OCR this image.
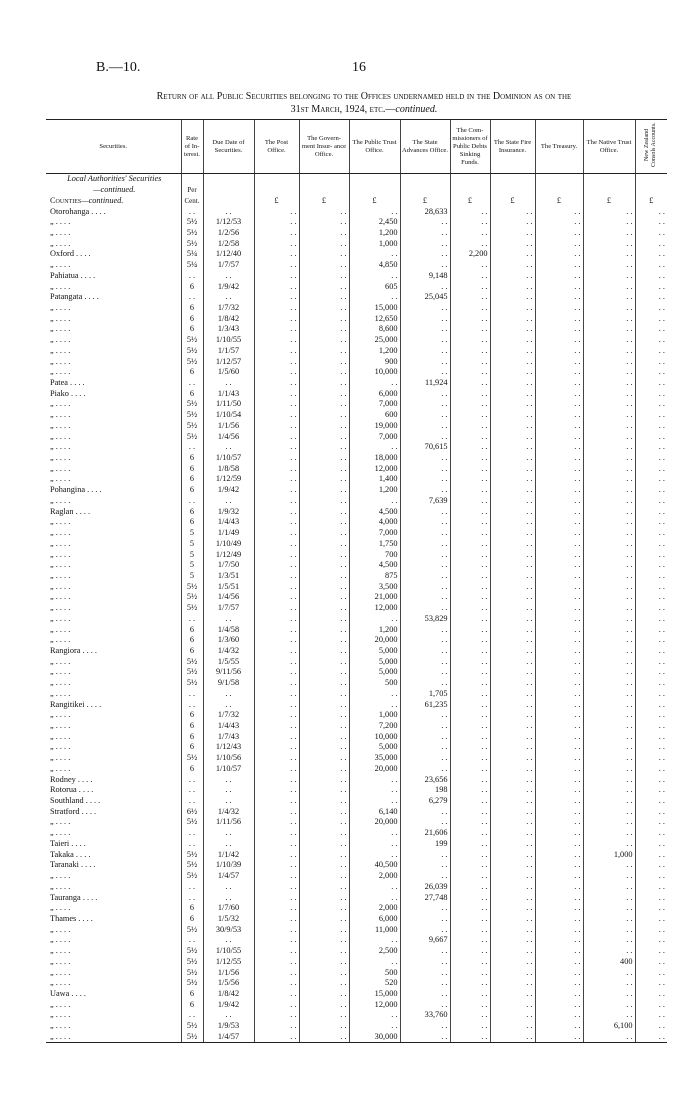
B.—10.	16
Return of all Public Securities belonging to the Offices undernamed held in the Dominion as on the
31st March, 1924, etc.—continued.
Securities.	Rate of In- terest.	Due Date of Securities.	The Post Office.	The Govern- ment Insur- ance Office.	The Public Trust Office.	The State Advances Office.	The Com- missioners of Public Debts Sinking Funds.	The State Fire Insurance.	The Treasury.	The Native Trust Office.	New Zealand Consols Accounts.
Local Authorities' Securities											
—continued.	Per										
Counties—continued.	Cent.		£	£	£	£	£	£	£	£	£
Otorohanga . . . .	. .	. .	. .	. .	. .	28,633	. .	. .	. .	. .	. .
„ . . . .	5½	1/12/53	. .	. .	2,450	. .	. .	. .	. .	. .	. .
„ . . . .	5½	1/2/56	. .	. .	1,200	. .	. .	. .	. .	. .	. .
„ . . . .	5½	1/2/58	. .	. .	1,000	. .	. .	. .	. .	. .	. .
Oxford . . . .	5¼	1/12/40	. .	. .	. .	. .	2,200	. .	. .	. .	. .
„ . . . .	5¼	1/7/57	. .	. .	4,850	. .	. .	. .	. .	. .	. .
Pahiatua . . . .	. .	. .	. .	. .	. .	9,148	. .	. .	. .	. .	. .
„ . . . .	6	1/9/42	. .	. .	605	. .	. .	. .	. .	. .	. .
Patangata . . . .	. .	. .	. .	. .	. .	25,045	. .	. .	. .	. .	. .
„ . . . .	6	1/7/32	. .	. .	15,000	. .	. .	. .	. .	. .	. .
„ . . . .	6	1/8/42	. .	. .	12,650	. .	. .	. .	. .	. .	. .
„ . . . .	6	1/3/43	. .	. .	8,600	. .	. .	. .	. .	. .	. .
„ . . . .	5½	1/10/55	. .	. .	25,000	. .	. .	. .	. .	. .	. .
„ . . . .	5½	1/1/57	. .	. .	1,200	. .	. .	. .	. .	. .	. .
„ . . . .	5½	1/12/57	. .	. .	900	. .	. .	. .	. .	. .	. .
„ . . . .	6	1/5/60	. .	. .	10,000	. .	. .	. .	. .	. .	. .
Patea . . . .	. .	. .	. .	. .	. .	11,924	. .	. .	. .	. .	. .
Piako . . . .	6	1/1/43	. .	. .	6,000	. .	. .	. .	. .	. .	. .
„ . . . .	5½	1/11/50	. .	. .	7,000	. .	. .	. .	. .	. .	. .
„ . . . .	5½	1/10/54	. .	. .	600	. .	. .	. .	. .	. .	. .
„ . . . .	5½	1/1/56	. .	. .	19,000	. .	. .	. .	. .	. .	. .
„ . . . .	5½	1/4/56	. .	. .	7,000	. .	. .	. .	. .	. .	. .
„ . . . .	. .	. .	. .	. .	. .	70,615	. .	. .	. .	. .	. .
„ . . . .	6	1/10/57	. .	. .	18,000	. .	. .	. .	. .	. .	. .
„ . . . .	6	1/8/58	. .	. .	12,000	. .	. .	. .	. .	. .	. .
„ . . . .	6	1/12/59	. .	. .	1,400	. .	. .	. .	. .	. .	. .
Pohangina . . . .	6	1/9/42	. .	. .	1,200	. .	. .	. .	. .	. .	. .
„ . . . .	. .	. .	. .	. .	. .	7,639	. .	. .	. .	. .	. .
Raglan . . . .	6	1/9/32	. .	. .	4,500	. .	. .	. .	. .	. .	. .
„ . . . .	6	1/4/43	. .	. .	4,000	. .	. .	. .	. .	. .	. .
„ . . . .	5	1/1/49	. .	. .	7,000	. .	. .	. .	. .	. .	. .
„ . . . .	5	1/10/49	. .	. .	1,750	. .	. .	. .	. .	. .	. .
„ . . . .	5	1/12/49	. .	. .	700	. .	. .	. .	. .	. .	. .
„ . . . .	5	1/7/50	. .	. .	4,500	. .	. .	. .	. .	. .	. .
„ . . . .	5	1/3/51	. .	. .	875	. .	. .	. .	. .	. .	. .
„ . . . .	5½	1/5/51	. .	. .	3,500	. .	. .	. .	. .	. .	. .
„ . . . .	5½	1/4/56	. .	. .	21,000	. .	. .	. .	. .	. .	. .
„ . . . .	5½	1/7/57	. .	. .	12,000	. .	. .	. .	. .	. .	. .
„ . . . .	. .	. .	. .	. .	. .	53,829	. .	. .	. .	. .	. .
„ . . . .	6	1/4/58	. .	. .	1,200	. .	. .	. .	. .	. .	. .
„ . . . .	6	1/3/60	. .	. .	20,000	. .	. .	. .	. .	. .	. .
Rangiora . . . .	6	1/4/32	. .	. .	5,000	. .	. .	. .	. .	. .	. .
„ . . . .	5½	1/5/55	. .	. .	5,000	. .	. .	. .	. .	. .	. .
„ . . . .	5½	9/11/56	. .	. .	5,000	. .	. .	. .	. .	. .	. .
„ . . . .	5½	9/1/58	. .	. .	500	. .	. .	. .	. .	. .	. .
„ . . . .	. .	. .	. .	. .	. .	1,705	. .	. .	. .	. .	. .
Rangitikei . . . .	. .	. .	. .	. .	. .	61,235	. .	. .	. .	. .	. .
„ . . . .	6	1/7/32	. .	. .	1,000	. .	. .	. .	. .	. .	. .
„ . . . .	6	1/4/43	. .	. .	7,200	. .	. .	. .	. .	. .	. .
„ . . . .	6	1/7/43	. .	. .	10,000	. .	. .	. .	. .	. .	. .
„ . . . .	6	1/12/43	. .	. .	5,000	. .	. .	. .	. .	. .	. .
„ . . . .	5½	1/10/56	. .	. .	35,000	. .	. .	. .	. .	. .	. .
„ . . . .	6	1/10/57	. .	. .	20,000	. .	. .	. .	. .	. .	. .
Rodney . . . .	. .	. .	. .	. .	. .	23,656	. .	. .	. .	. .	. .
Rotorua . . . .	. .	. .	. .	. .	. .	198	. .	. .	. .	. .	. .
Southland . . . .	. .	. .	. .	. .	. .	6,279	. .	. .	. .	. .	. .
Stratford . . . .	6½	1/4/32	. .	. .	6,140	. .	. .	. .	. .	. .	. .
„ . . . .	5½	1/11/56	. .	. .	20,000	. .	. .	. .	. .	. .	. .
„ . . . .	. .	. .	. .	. .	. .	21,606	. .	. .	. .	. .	. .
Taieri . . . .	. .	. .	. .	. .	. .	199	. .	. .	. .	. .	. .
Takaka . . . .	5½	1/1/42	. .	. .	. .	. .	. .	. .	. .	1,000	. .
Taranaki . . . .	5½	1/10/39	. .	. .	40,500	. .	. .	. .	. .	. .	. .
„ . . . .	5½	1/4/57	. .	. .	2,000	. .	. .	. .	. .	. .	. .
„ . . . .	. .	. .	. .	. .	. .	26,039	. .	. .	. .	. .	. .
Tauranga . . . .	. .	. .	. .	. .	. .	27,748	. .	. .	. .	. .	. .
„ . . . .	6	1/7/60	. .	. .	2,000	. .	. .	. .	. .	. .	. .
Thames . . . .	6	1/5/32	. .	. .	6,000	. .	. .	. .	. .	. .	. .
„ . . . .	5½	30/9/53	. .	. .	11,000	. .	. .	. .	. .	. .	. .
„ . . . .	. .	. .	. .	. .	. .	9,667	. .	. .	. .	. .	. .
„ . . . .	5½	1/10/55	. .	. .	2,500	. .	. .	. .	. .	. .	. .
„ . . . .	5½	1/12/55	. .	. .	. .	. .	. .	. .	. .	400	. .
„ . . . .	5½	1/1/56	. .	. .	500	. .	. .	. .	. .	. .	. .
„ . . . .	5½	1/5/56	. .	. .	520	. .	. .	. .	. .	. .	. .
Uawa . . . .	6	1/8/42	. .	. .	15,000	. .	. .	. .	. .	. .	. .
„ . . . .	6	1/9/42	. .	. .	12,000	. .	. .	. .	. .	. .	. .
„ . . . .	. .	. .	. .	. .	. .	33,760	. .	. .	. .	. .	. .
„ . . . .	5½	1/9/53	. .	. .	. .	. .	. .	. .	. .	6,100	. .
„ . . . .	5½	1/4/57	. .	. .	30,000	. .	. .	. .	. .	. .	. .
